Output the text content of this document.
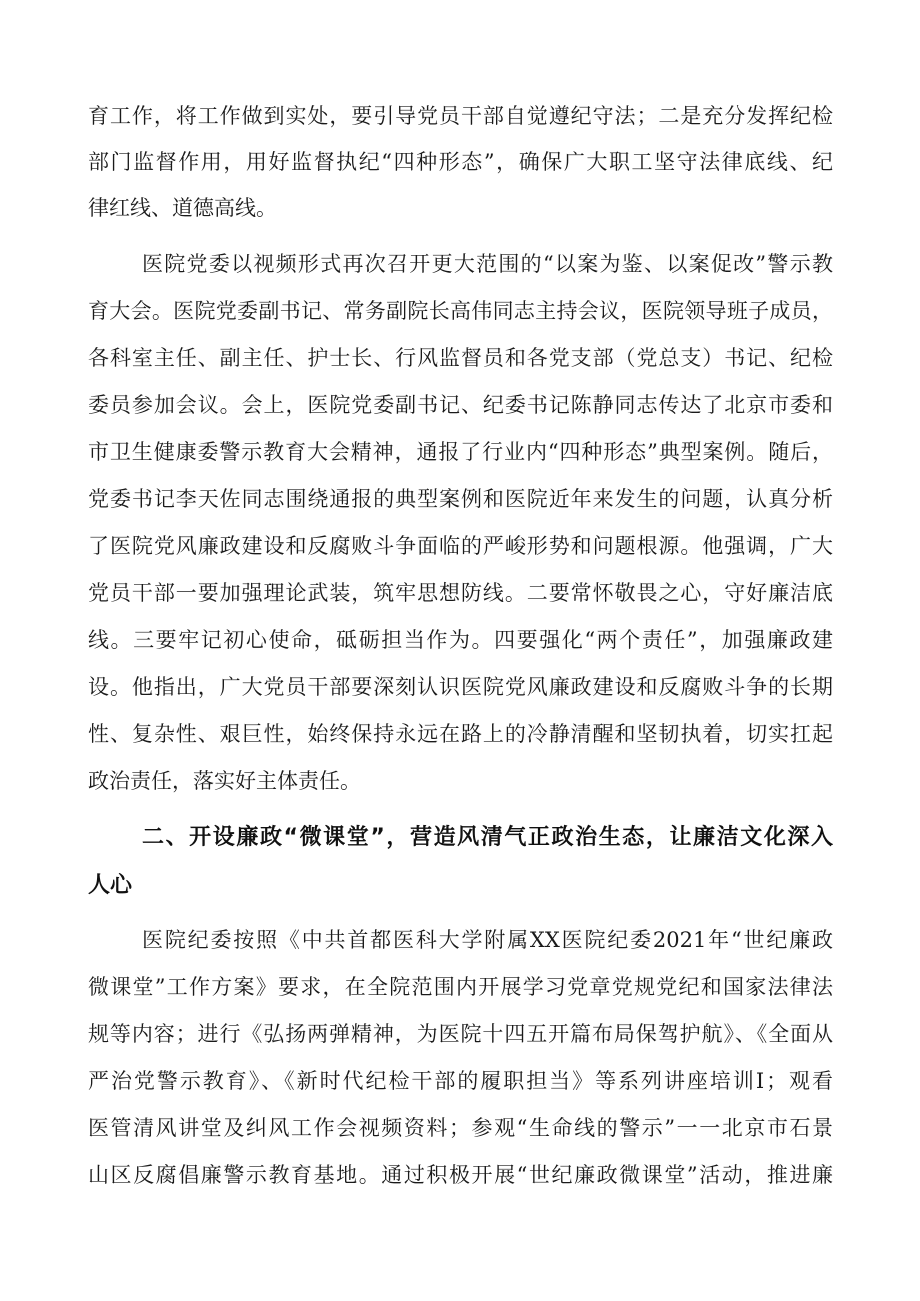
育工作，将工作做到实处，要引导党员干部自觉遵纪守法；二是充分发挥纪检

部门监督作用，用好监督执纪“四种形态”，确保广大职工坚守法律底线、纪

律红线、道德高线。

医院党委以视频形式再次召开更大范围的“以案为鉴、以案促改”警示教

育大会。医院党委副书记、常务副院长高伟同志主持会议，医院领导班子成员，

各科室主任、副主任、护士长、行风监督员和各党支部（党总支）书记、纪检

委员参加会议。会上，医院党委副书记、纪委书记陈静同志传达了北京市委和

市卫生健康委警示教育大会精神，通报了行业内“四种形态”典型案例。随后，

党委书记李天佐同志围绕通报的典型案例和医院近年来发生的问题，认真分析

了医院党风廉政建设和反腐败斗争面临的严峻形势和问题根源。他强调，广大

党员干部一要加强理论武装，筑牢思想防线。二要常怀敬畏之心，守好廉洁底

线。三要牢记初心使命，砥砺担当作为。四要强化“两个责任”，加强廉政建

设。他指出，广大党员干部要深刻认识医院党风廉政建设和反腐败斗争的长期

性、复杂性、艰巨性，始终保持永远在路上的冷静清醒和坚韧执着，切实扛起

政治责任，落实好主体责任。

二、开设廉政“微课堂”，营造风清气正政治生态，让廉洁文化深入

人心

医院纪委按照《中共首都医科大学附属XX医院纪委2021年“世纪廉政

微课堂”工作方案》要求，在全院范围内开展学习党章党规党纪和国家法律法

规等内容；进行《弘扬两弹精神，为医院十四五开篇布局保驾护航》、《全面从

严治党警示教育》、《新时代纪检干部的履职担当》等系列讲座培训Ⅰ；观看

医管清风讲堂及纠风工作会视频资料；参观“生命线的警示”一一北京市石景

山区反腐倡廉警示教育基地。通过积极开展“世纪廉政微课堂”活动，推进廉
